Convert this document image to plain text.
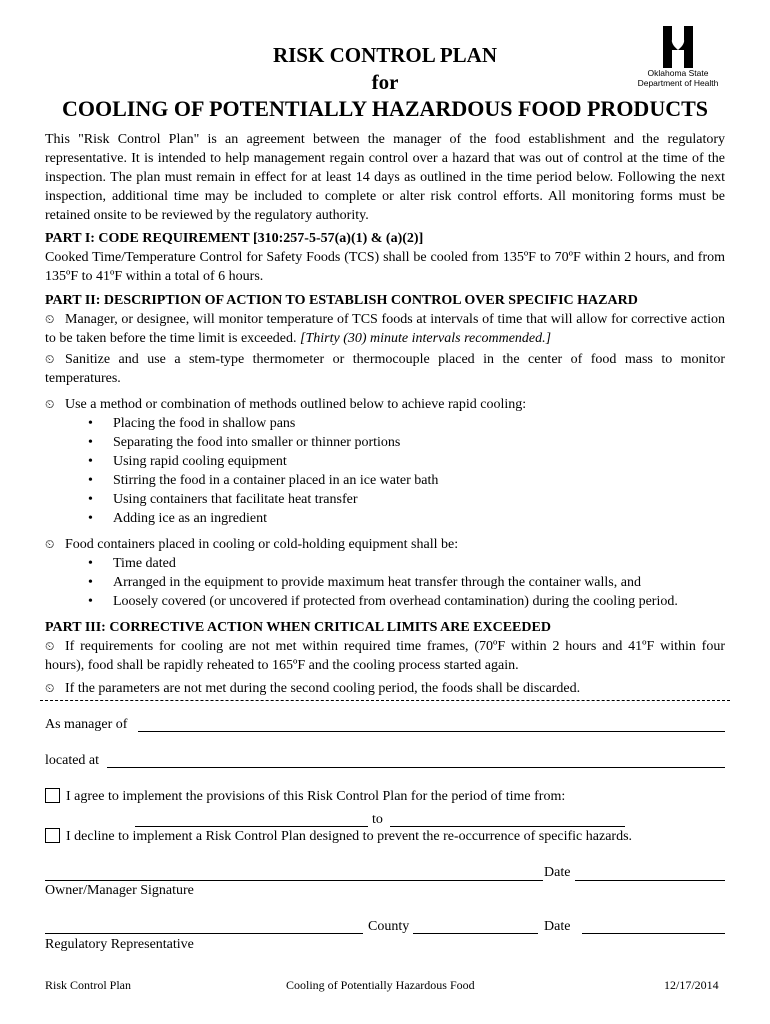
RISK CONTROL PLAN
for
COOLING OF POTENTIALLY HAZARDOUS FOOD PRODUCTS
Oklahoma State
Department of Health

This "Risk Control Plan" is an agreement between the manager of the food establishment and the regulatory representative. It is intended to help management regain control over a hazard that was out of control at the time of the inspection. The plan must remain in effect for at least 14 days as outlined in the time period below. Following the next inspection, additional time may be included to complete or alter risk control efforts. All monitoring forms must be retained onsite to be reviewed by the regulatory authority.

PART I: CODE REQUIREMENT [310:257-5-57(a)(1) & (a)(2)]
Cooked Time/Temperature Control for Safety Foods (TCS) shall be cooled from 135ºF to 70ºF within 2 hours, and from 135ºF to 41ºF within a total of 6 hours.
PART II: DESCRIPTION OF ACTION TO ESTABLISH CONTROL OVER SPECIFIC HAZARD
⏲ Manager, or designee, will monitor temperature of TCS foods at intervals of time that will allow for corrective action to be taken before the time limit is exceeded. [Thirty (30) minute intervals recommended.]
⏲ Sanitize and use a stem-type thermometer or thermocouple placed in the center of food mass to monitor temperatures.
⏲ Use a method or combination of methods outlined below to achieve rapid cooling:
• Placing the food in shallow pans
• Separating the food into smaller or thinner portions
• Using rapid cooling equipment
• Stirring the food in a container placed in an ice water bath
• Using containers that facilitate heat transfer
• Adding ice as an ingredient
⏲ Food containers placed in cooling or cold-holding equipment shall be:
• Time dated
• Arranged in the equipment to provide maximum heat transfer through the container walls, and
• Loosely covered (or uncovered if protected from overhead contamination) during the cooling period.
PART III: CORRECTIVE ACTION WHEN CRITICAL LIMITS ARE EXCEEDED
⏲ If requirements for cooling are not met within required time frames, (70ºF within 2 hours and 41ºF within four hours), food shall be rapidly reheated to 165ºF and the cooling process started again.
⏲ If the parameters are not met during the second cooling period, the foods shall be discarded.
As manager of
located at
I agree to implement the provisions of this Risk Control Plan for the period of time from:
to
I decline to implement a Risk Control Plan designed to prevent the re-occurrence of specific hazards.
Date
Owner/Manager Signature
County	Date
Regulatory Representative
Risk Control Plan	Cooling of Potentially Hazardous Food	12/17/2014
